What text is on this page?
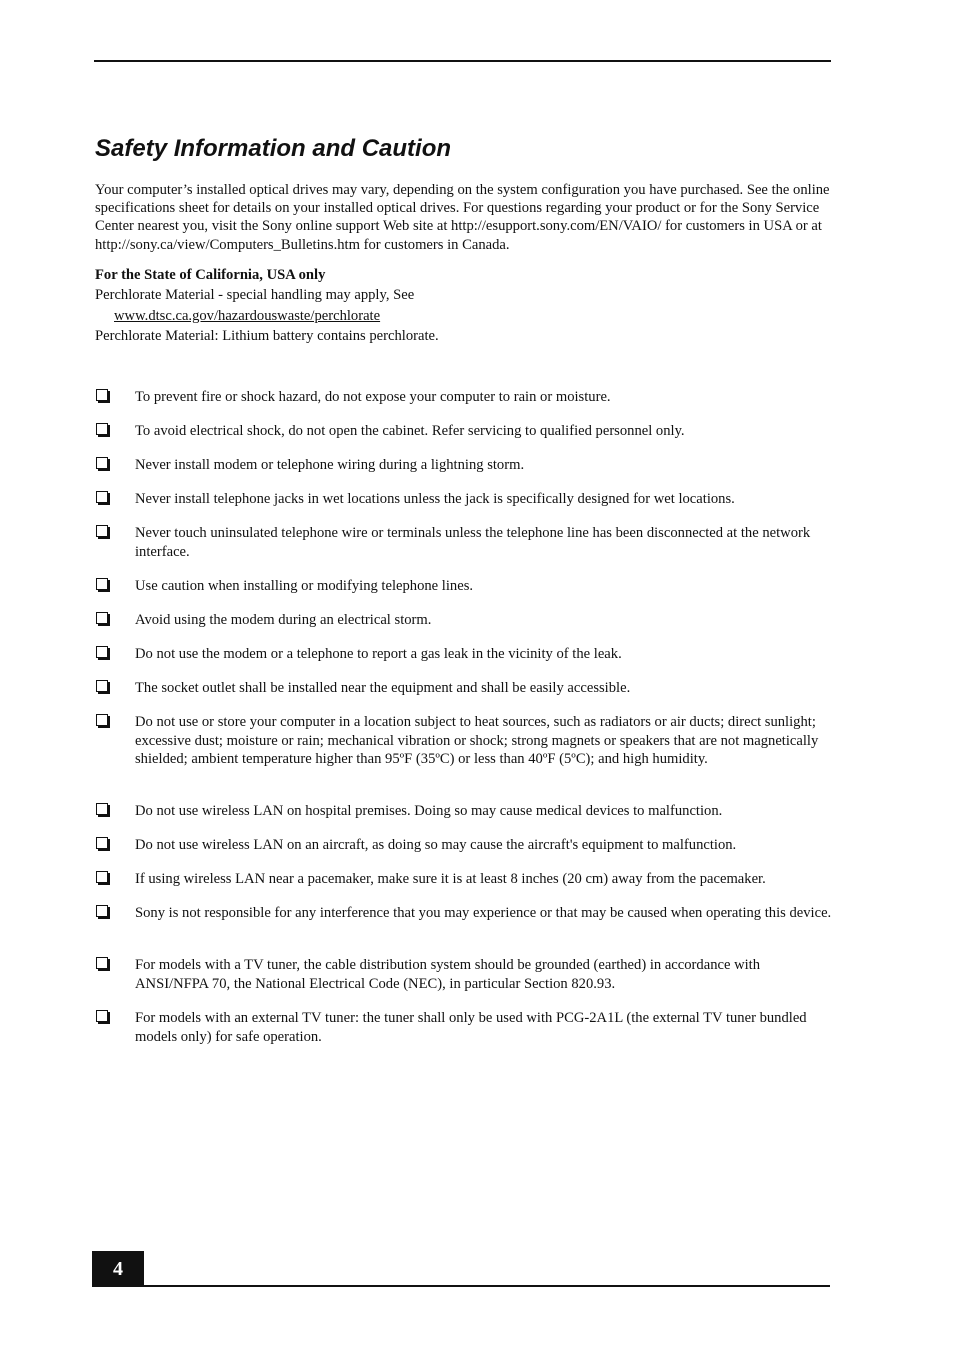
Safety Information and Caution

Your computer’s installed optical drives may vary, depending on the system configuration you have purchased. See the online specifications sheet for details on your installed optical drives. For questions regarding your product or for the Sony Service Center nearest you, visit the Sony online support Web site at http://esupport.sony.com/EN/VAIO/ for customers in USA or at http://sony.ca/view/Computers_Bulletins.htm for customers in Canada.

For the State of California, USA only
Perchlorate Material - special handling may apply, See
www.dtsc.ca.gov/hazardouswaste/perchlorate
Perchlorate Material: Lithium battery contains perchlorate.
To prevent fire or shock hazard, do not expose your computer to rain or moisture.
To avoid electrical shock, do not open the cabinet. Refer servicing to qualified personnel only.
Never install modem or telephone wiring during a lightning storm.
Never install telephone jacks in wet locations unless the jack is specifically designed for wet locations.
Never touch uninsulated telephone wire or terminals unless the telephone line has been disconnected at the network interface.
Use caution when installing or modifying telephone lines.
Avoid using the modem during an electrical storm.
Do not use the modem or a telephone to report a gas leak in the vicinity of the leak.
The socket outlet shall be installed near the equipment and shall be easily accessible.
Do not use or store your computer in a location subject to heat sources, such as radiators or air ducts; direct sunlight; excessive dust; moisture or rain; mechanical vibration or shock; strong magnets or speakers that are not magnetically shielded; ambient temperature higher than 95ºF (35ºC) or less than 40ºF (5ºC); and high humidity.
Do not use wireless LAN on hospital premises. Doing so may cause medical devices to malfunction.
Do not use wireless LAN on an aircraft, as doing so may cause the aircraft's equipment to malfunction.
If using wireless LAN near a pacemaker, make sure it is at least 8 inches (20 cm) away from the pacemaker.
Sony is not responsible for any interference that you may experience or that may be caused when operating this device.
For models with a TV tuner, the cable distribution system should be grounded (earthed) in accordance with ANSI/NFPA 70, the National Electrical Code (NEC), in particular Section 820.93.
For models with an external TV tuner: the tuner shall only be used with PCG-2A1L (the external TV tuner bundled models only) for safe operation.
4
